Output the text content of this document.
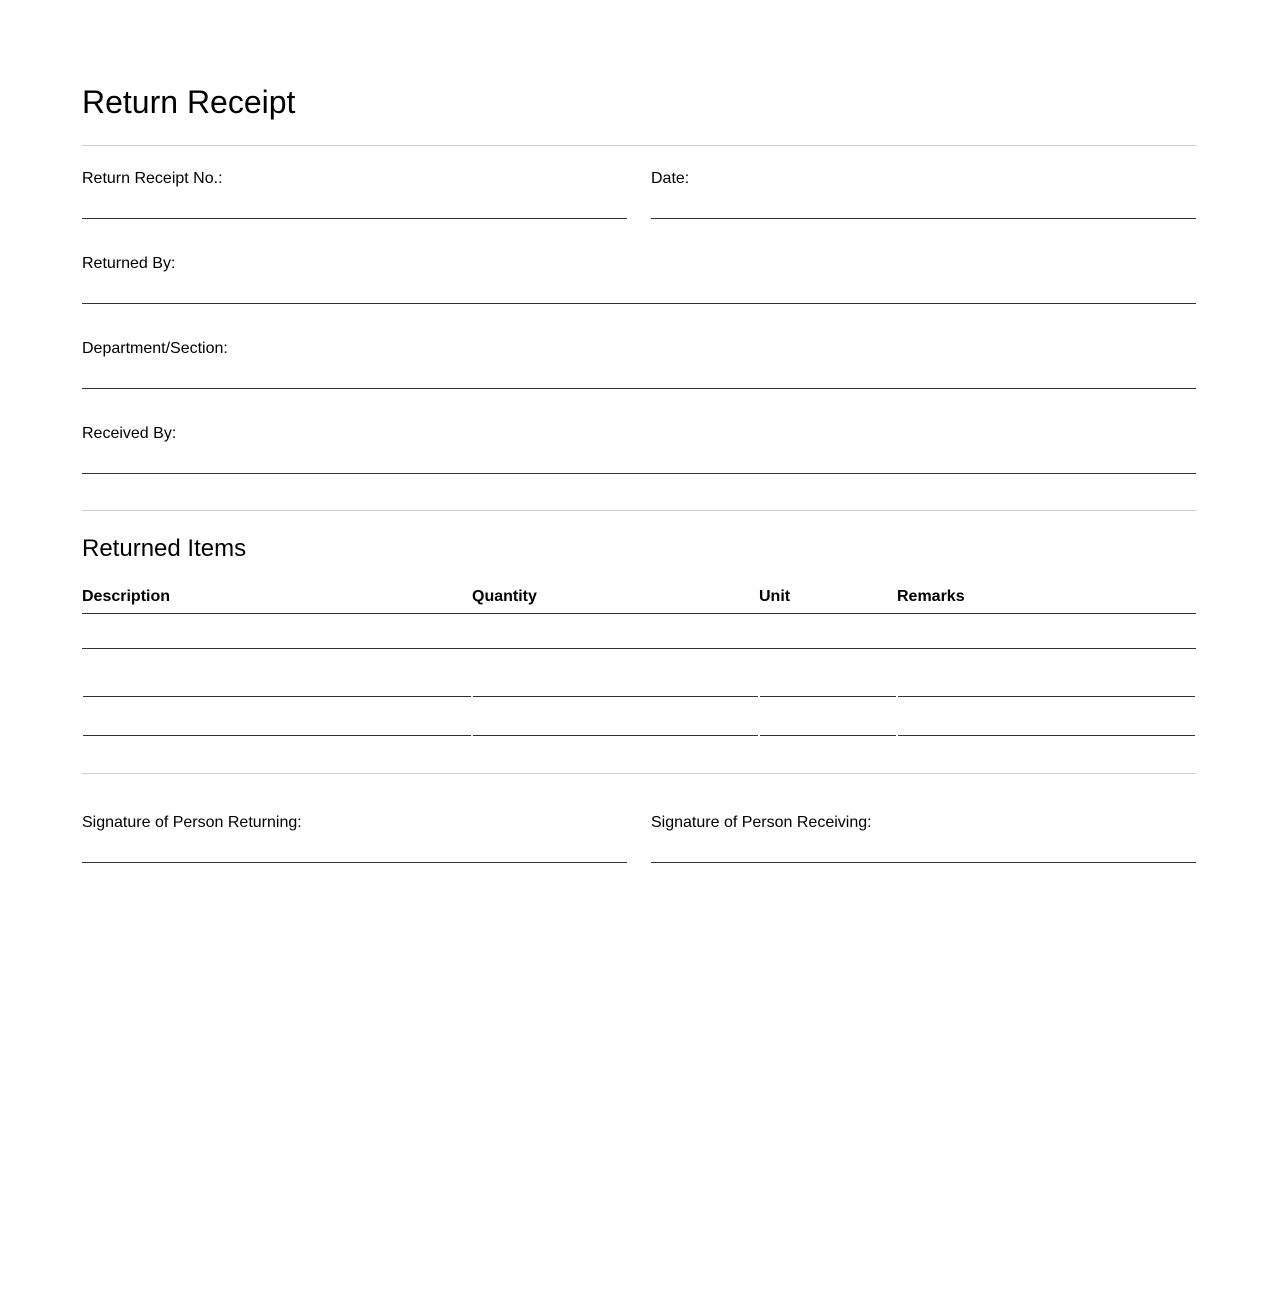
Return Receipt
Return Receipt No.:	Date:
Returned By:
Department/Section:
Received By:
Returned Items
Description	Quantity	Unit	Remarks
Signature of Person Returning:	Signature of Person Receiving:
